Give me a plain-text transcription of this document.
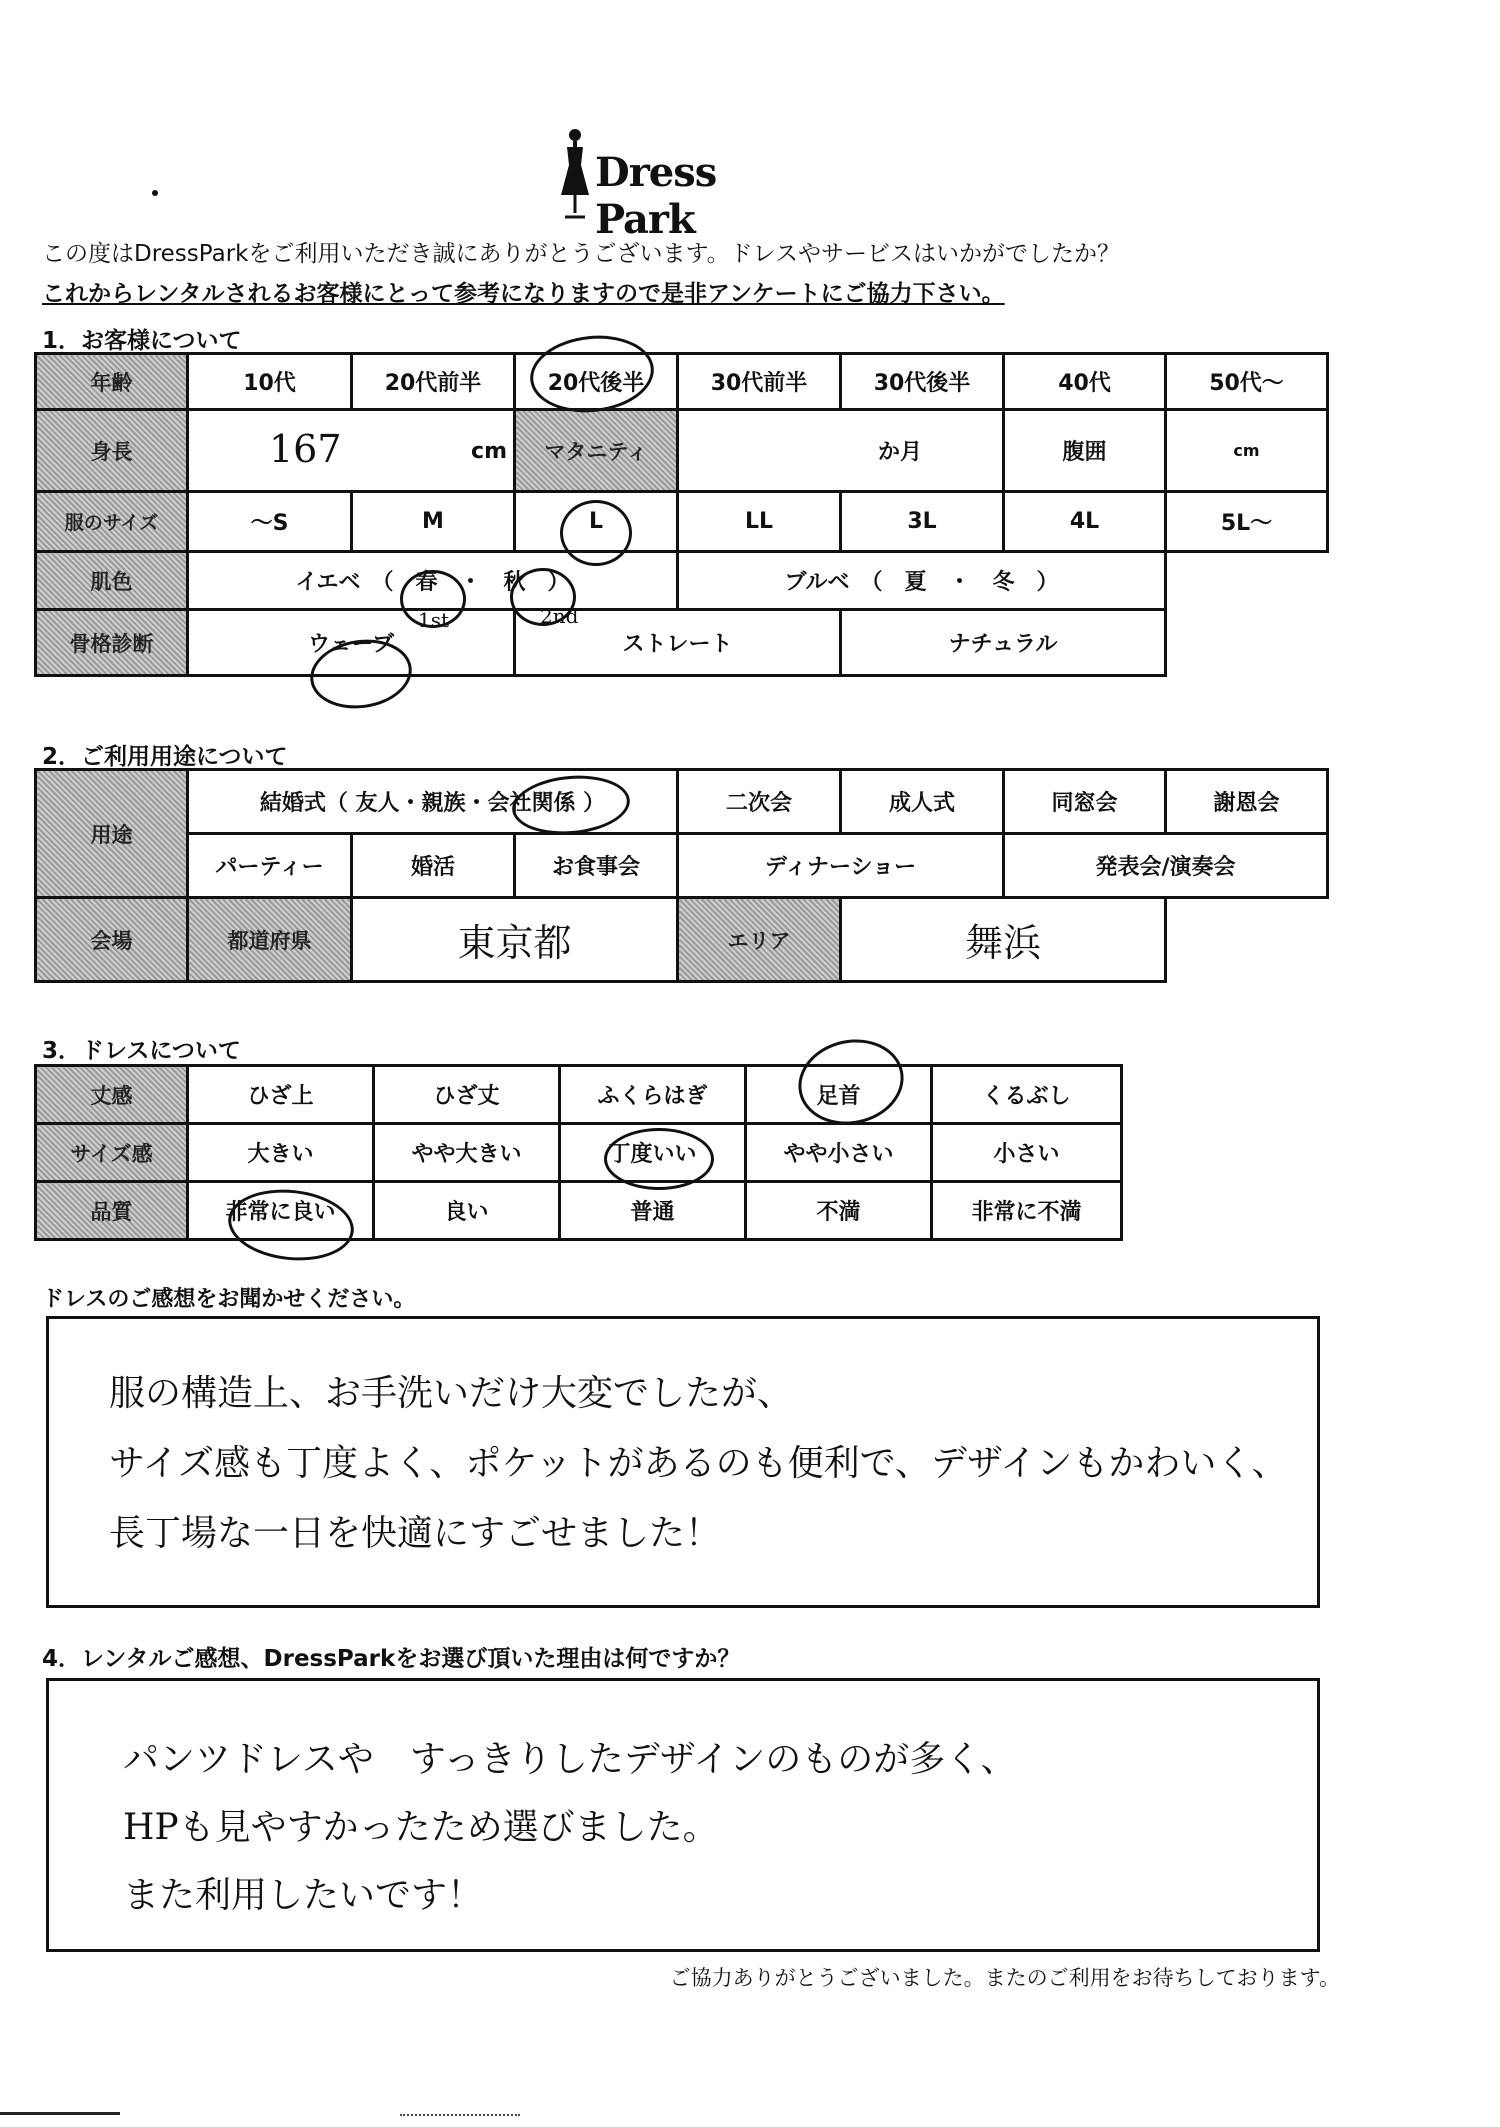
Dress Park
この度はDressParkをご利用いただき誠にありがとうございます。ドレスやサービスはいかがでしたか？
これからレンタルされるお客様にとって参考になりますので是非アンケートにご協力下さい。
1．お客様について
年齢	10代	20代前半	20代後半	30代前半	30代後半	40代	50代～
身長	167 cm		マタニティ	か月		腹囲	cm
服のサイズ	～S	M	L	LL	3L	4L	5L～
肌色	イエベ　（　春　・　秋　）			ブルベ　（　夏　・　冬　）			
骨格診断	ウェーブ		ストレート		ナチュラル		
1st	2nd
2．ご利用用途について
用途	結婚式（ 友人・親族・会社関係 ）			二次会	成人式	同窓会	謝恩会
	パーティー	婚活	お食事会	ディナーショー		発表会/演奏会	
会場	都道府県	東京都		エリア	舞浜		
3．ドレスについて
丈感	ひざ上	ひざ丈	ふくらはぎ	足首	くるぶし
サイズ感	大きい	やや大きい	丁度いい	やや小さい	小さい
品質	非常に良い	良い	普通	不満	非常に不満
ドレスのご感想をお聞かせください。
服の構造上、お手洗いだけ大変でしたが、
サイズ感も丁度よく、ポケットがあるのも便利で、デザインもかわいく、
長丁場な一日を快適にすごせました！
4．レンタルご感想、DressParkをお選び頂いた理由は何ですか？
パンツドレスや　すっきりしたデザインのものが多く、
HPも見やすかったため選びました。
また利用したいです！
ご協力ありがとうございました。またのご利用をお待ちしております。
